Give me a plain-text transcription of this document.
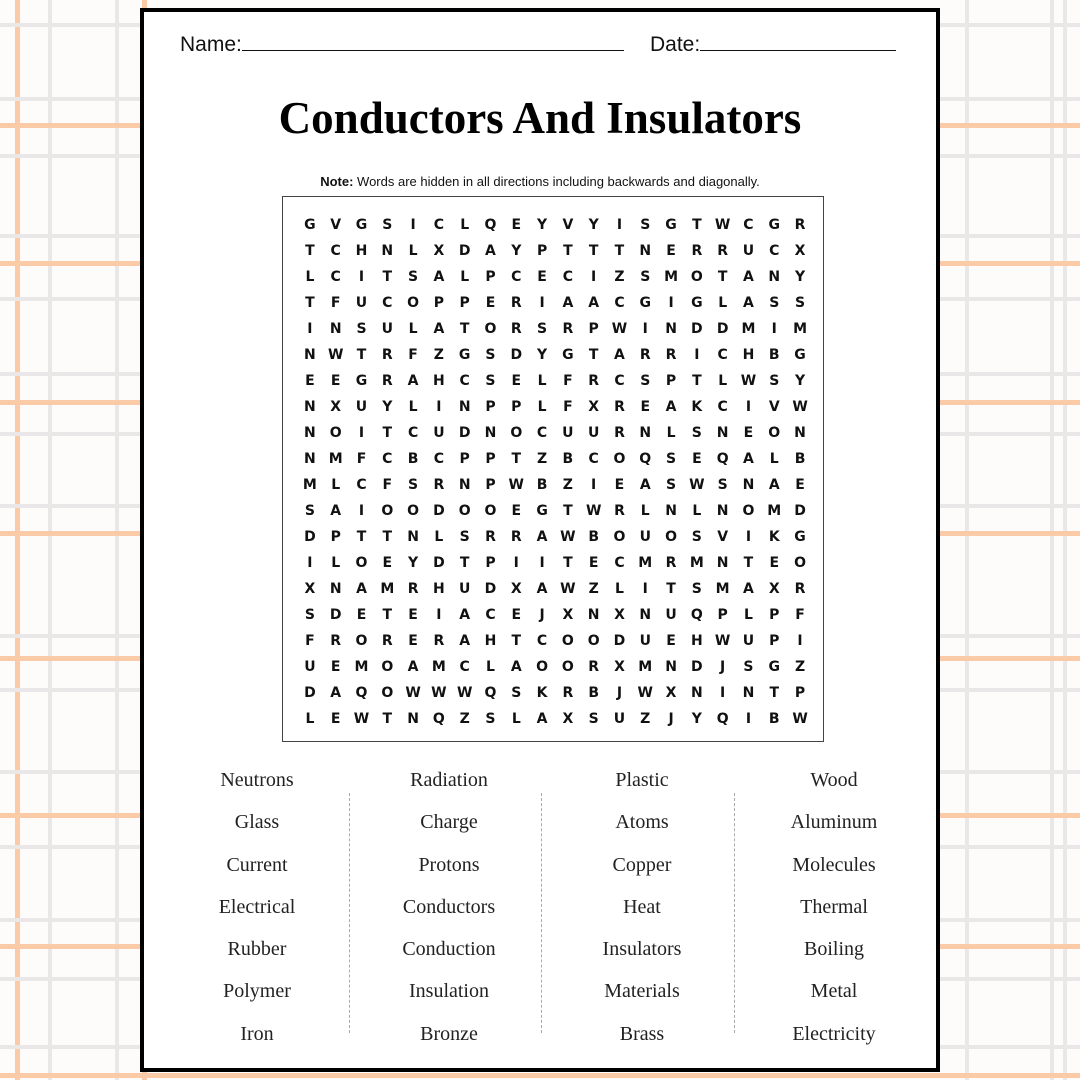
Name:	Date:
Conductors And Insulators
Note: Words are hidden in all directions including backwards and diagonally.
G	V	G	S	I	C	L	Q	E	Y	V	Y	I	S	G	T W C	G	R
T	C	H	N	L	X	D	A	Y	P	T	T	T	N	E	R	R	U	C	X
L	C	I	T	S	A	L	P	C	E	C	I	Z	S M O	T	A	N	Y
T	F	U	C	O	P	P	E	R	I	A	A	C	G	I	G	L	A	S	S
I	N	S	U	L	A	T	O	R	S	R	P W	I	N	D	D M	I	M
N W T	R	F	Z	G	S	D	Y	G	T	A	R	R	I	C	H	B	G
E	E	G	R	A	H	C	S	E	L	F	R	C	S	P	T	L W S	Y
N	X	U	Y	L	I	N	P	P	L	F	X	R	E	A	K	C	I	V W
N O	I	T	C	U	D	N O	C	U	U	R	N	L	S	N	E	O N
N M	F	C	B	C	P	P	T	Z	B	C	O Q	S	E	Q	A	L	B
M	L	C	F	S	R	N	P W B	Z	I	E	A	S W S	N	A	E
S	A	I	O O	D	O O	E	G	T W R	L	N	L	N O M D
D	P	T	T	N	L	S	R	R	A W B	O	U	O	S	V	I	K	G
I	L	O	E	Y	D	T	P	I	I	T	E	C M R M N	T	E	O
X	N	A M R	H	U	D	X	A W Z	L	I	T	S M A	X	R
S	D	E	T	E	I	A	C	E	J	X	N	X	N	U	Q	P	L	P	F
F	R	O	R	E	R	A	H	T	C	O O	D	U	E	H W U	P	I
U	E	M O	A M C	L	A	O O	R	X M N	D	J	S	G	Z
D	A	Q O W W W Q	S	K	R	B	J	W X	N	I	N	T	P
L	E W T	N Q	Z	S	L	A	X	S	U	Z	J	Y	Q	I	B W
Neutrons
Glass
Current
Electrical
Rubber
Polymer
Iron
Radiation
Charge
Protons
Conductors
Conduction
Insulation
Bronze
Plastic
Atoms
Copper
Heat
Insulators
Materials
Brass
Wood
Aluminum
Molecules
Thermal
Boiling
Metal
Electricity
